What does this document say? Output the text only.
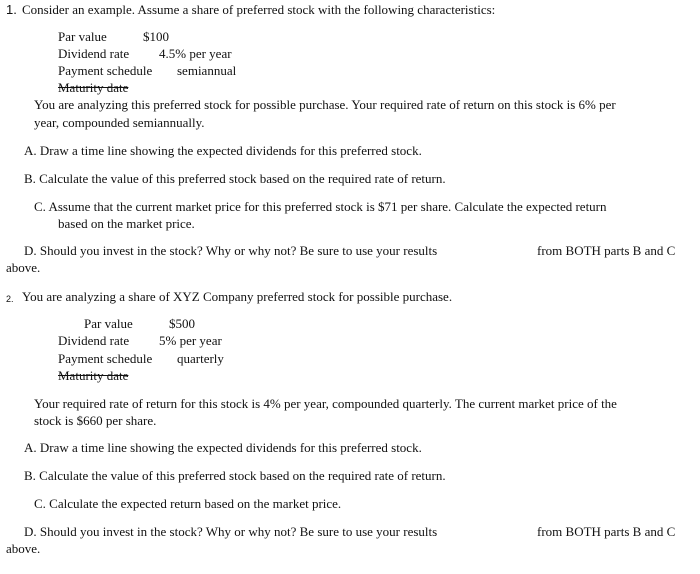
1. Consider an example. Assume a share of preferred stock with the following characteristics:
Par value	$100
Dividend rate 4.5% per year
Payment schedule semiannual
Maturity date
You are analyzing this preferred stock for possible purchase. Your required rate of return on this stock is 6% per
year, compounded semiannually.
A. Draw a time line showing the expected dividends for this preferred stock.
B. Calculate the value of this preferred stock based on the required rate of return.
C. Assume that the current market price for this preferred stock is $71 per share. Calculate the expected return
based on the market price.
D. Should you invest in the stock? Why or why not? Be sure to use your results	from BOTH parts B and C
above.
2. You are analyzing a share of XYZ Company preferred stock for possible purchase.
Par value	$500
Dividend rate 5% per year
Payment schedule quarterly
Maturity date
Your required rate of return for this stock is 4% per year, compounded quarterly. The current market price of the
stock is $660 per share.
A. Draw a time line showing the expected dividends for this preferred stock.
B. Calculate the value of this preferred stock based on the required rate of return.
C. Calculate the expected return based on the market price.
D. Should you invest in the stock? Why or why not? Be sure to use your results	from BOTH parts B and C
above.
